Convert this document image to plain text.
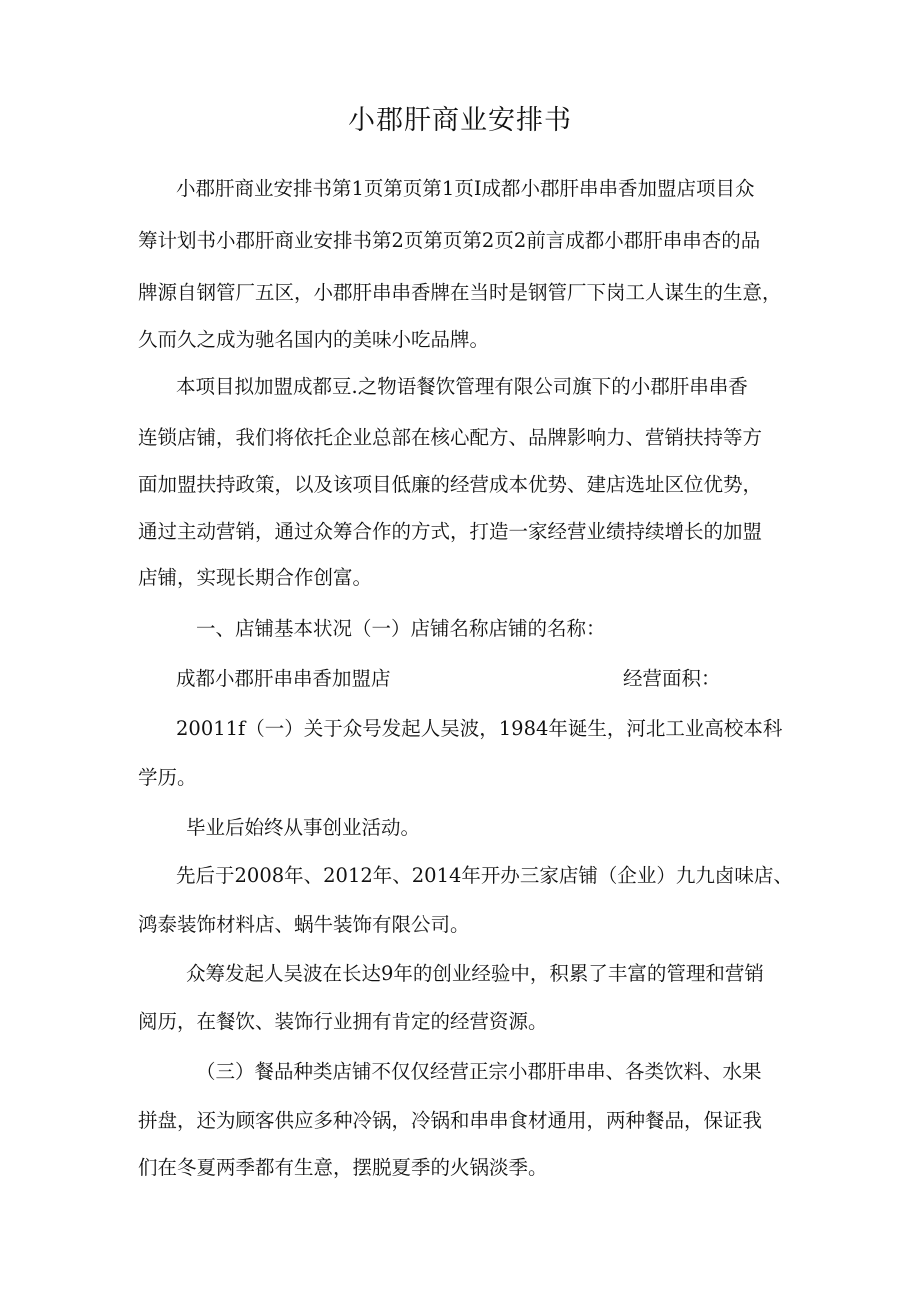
小郡肝商业安排书
小郡肝商业安排书第1页第页第1页I成都小郡肝串串香加盟店项目众
筹计划书小郡肝商业安排书第2页第页第2页2前言成都小郡肝串串杏的品
牌源自钢管厂五区，小郡肝串串香牌在当时是钢管厂下岗工人谋生的生意，
久而久之成为驰名国内的美味小吃品牌。
本项目拟加盟成都豆.之物语餐饮管理有限公司旗下的小郡肝串串香
连锁店铺，我们将依托企业总部在核心配方、品牌影响力、营销扶持等方
面加盟扶持政策，以及该项目低廉的经营成本优势、建店选址区位优势，
通过主动营销，通过众筹合作的方式，打造一家经营业绩持续增长的加盟
店铺，实现长期合作创富。
一、店铺基本状况（一）店铺名称店铺的名称：
成都小郡肝串串香加盟店	经营面积：
20011f（一）关于众号发起人吴波，1984年诞生，河北工业高校本科
学历。
毕业后始终从事创业活动。
先后于2008年、2012年、2014年开办三家店铺（企业）九九卤味店、
鸿泰装饰材料店、蜗牛装饰有限公司。
众筹发起人吴波在长达9年的创业经验中，积累了丰富的管理和营销
阅历，在餐饮、装饰行业拥有肯定的经营资源。
（三）餐品种类店铺不仅仅经营正宗小郡肝串串、各类饮料、水果
拼盘，还为顾客供应多种冷锅，冷锅和串串食材通用，两种餐品，保证我
们在冬夏两季都有生意，摆脱夏季的火锅淡季。
